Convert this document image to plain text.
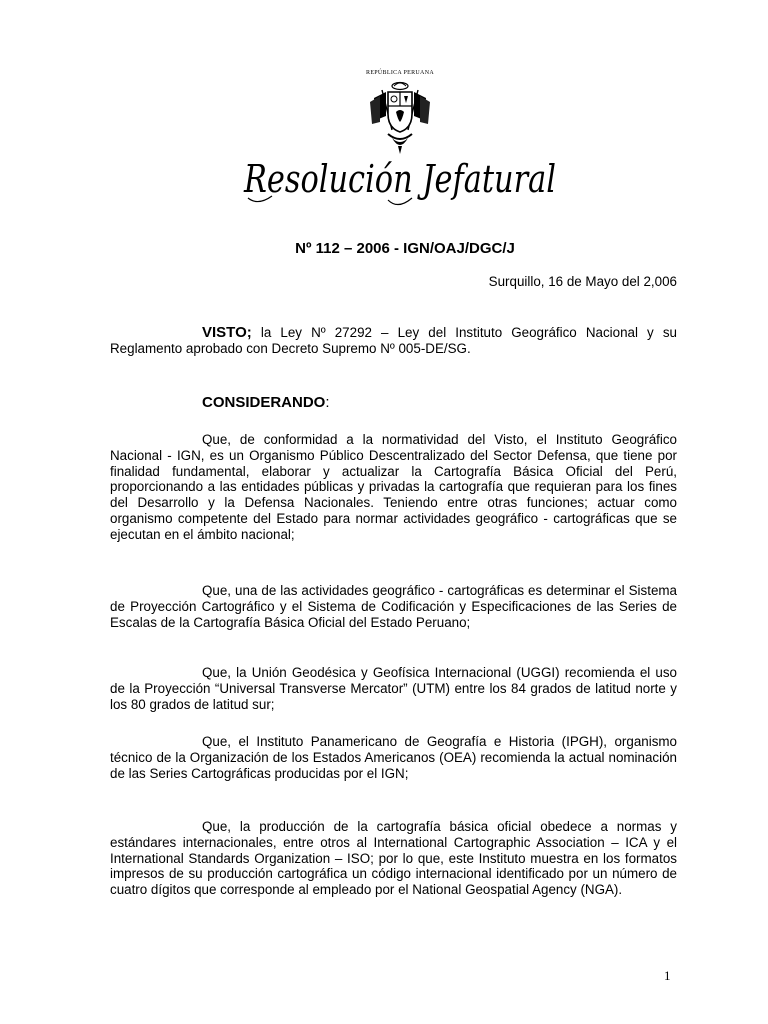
REPÚBLICA PERUANA
Resolución Jefatural
Nº 112 – 2006 - IGN/OAJ/DGC/J
Surquillo, 16 de Mayo del 2,006
VISTO; la Ley Nº 27292 – Ley del Instituto Geográfico Nacional y su Reglamento aprobado con Decreto Supremo Nº 005-DE/SG.
CONSIDERANDO:
Que, de conformidad a la normatividad del Visto, el Instituto Geográfico Nacional - IGN, es un Organismo Público Descentralizado del Sector Defensa, que tiene por finalidad fundamental, elaborar y actualizar la Cartografía Básica Oficial del Perú, proporcionando a las entidades públicas y privadas la cartografía que requieran para los fines del Desarrollo y la Defensa Nacionales. Teniendo entre otras funciones; actuar como organismo competente del Estado para normar actividades geográfico - cartográficas que se ejecutan en el ámbito nacional;
Que, una de las actividades geográfico - cartográficas es determinar el Sistema de Proyección Cartográfico y el Sistema de Codificación y Especificaciones de las Series de Escalas de la Cartografía Básica Oficial del Estado Peruano;
Que, la Unión Geodésica y Geofísica Internacional (UGGI) recomienda el uso de la Proyección “Universal Transverse Mercator” (UTM) entre los 84 grados de latitud norte y los 80 grados de latitud sur;
Que, el Instituto Panamericano de Geografía e Historia (IPGH), organismo técnico de la Organización de los Estados Americanos (OEA) recomienda la actual nominación de las Series Cartográficas producidas por el IGN;
Que, la producción de la cartografía básica oficial obedece a normas y estándares internacionales, entre otros al International Cartographic Association – ICA y el International Standards Organization – ISO; por lo que, este Instituto muestra en los formatos impresos de su producción cartográfica un código internacional identificado por un número de cuatro dígitos que corresponde al empleado por el National Geospatial Agency (NGA).
1
